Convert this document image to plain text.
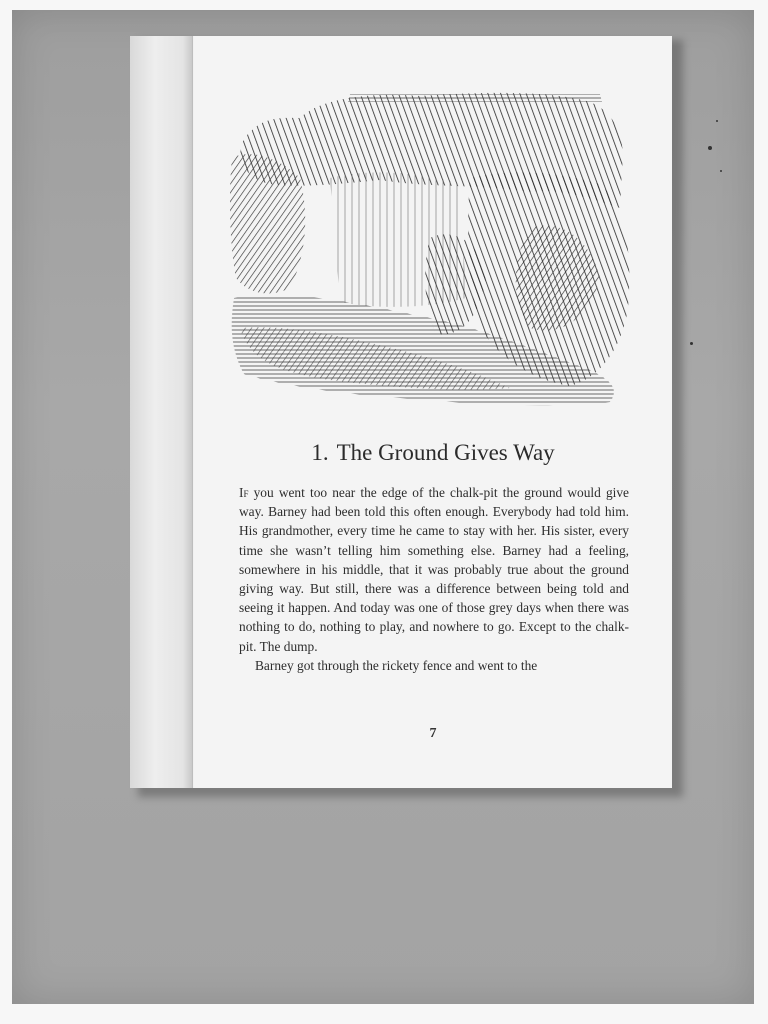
1. The Ground Gives Way

If you went too near the edge of the chalk-pit the ground would give way. Barney had been told this often enough. Everybody had told him. His grandmother, every time he came to stay with her. His sister, every time she wasn’t telling him something else. Barney had a feeling, somewhere in his middle, that it was probably true about the ground giving way. But still, there was a difference between being told and seeing it happen. And today was one of those grey days when there was nothing to do, nothing to play, and nowhere to go. Except to the chalk-pit. The dump.

Barney got through the rickety fence and went to the

7
